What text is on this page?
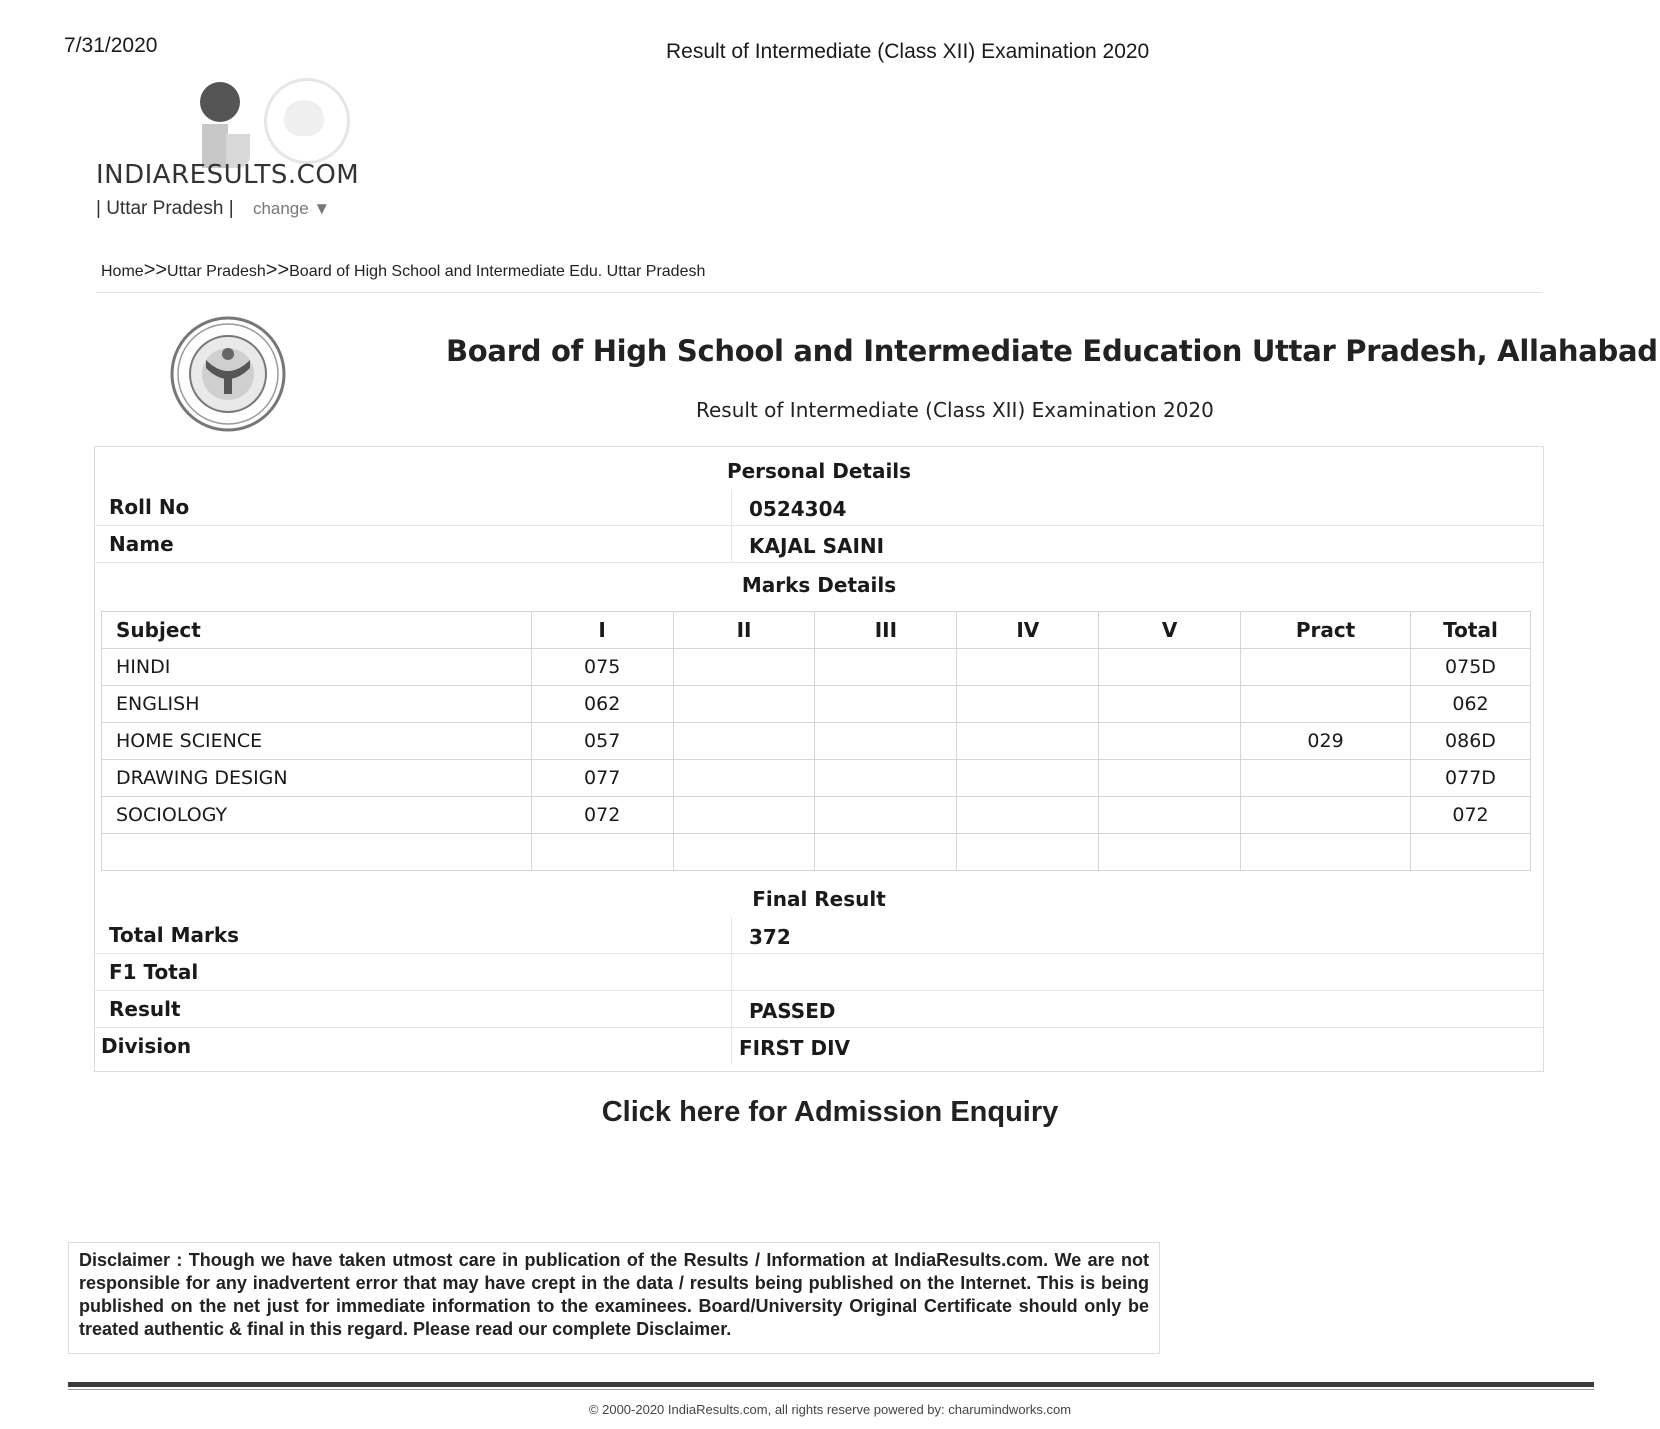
7/31/2020	Result of Intermediate (Class XII) Examination 2020
INDIARESULTS.COM
| Uttar Pradesh | change ▼
Home>>Uttar Pradesh>>Board of High School and Intermediate Edu. Uttar Pradesh
Board of High School and Intermediate Education Uttar Pradesh, Allahabad
Result of Intermediate (Class XII) Examination 2020
Personal Details
Roll No	0524304
Name	KAJAL SAINI
Marks Details
Subject	I	II	III	IV	V	Pract	Total
HINDI	075						075D
ENGLISH	062						062
HOME SCIENCE	057					029	086D
DRAWING DESIGN	077						077D
SOCIOLOGY	072						072

Final Result
Total Marks	372
F1 Total
Result	PASSED
Division	FIRST DIV
Click here for Admission Enquiry

Disclaimer : Though we have taken utmost care in publication of the Results / Information at IndiaResults.com. We are not responsible for any inadvertent error that may have crept in the data / results being published on the Internet. This is being published on the net just for immediate information to the examinees. Board/University Original Certificate should only be treated authentic & final in this regard. Please read our complete Disclaimer.

© 2000-2020 IndiaResults.com, all rights reserve powered by: charumindworks.com
